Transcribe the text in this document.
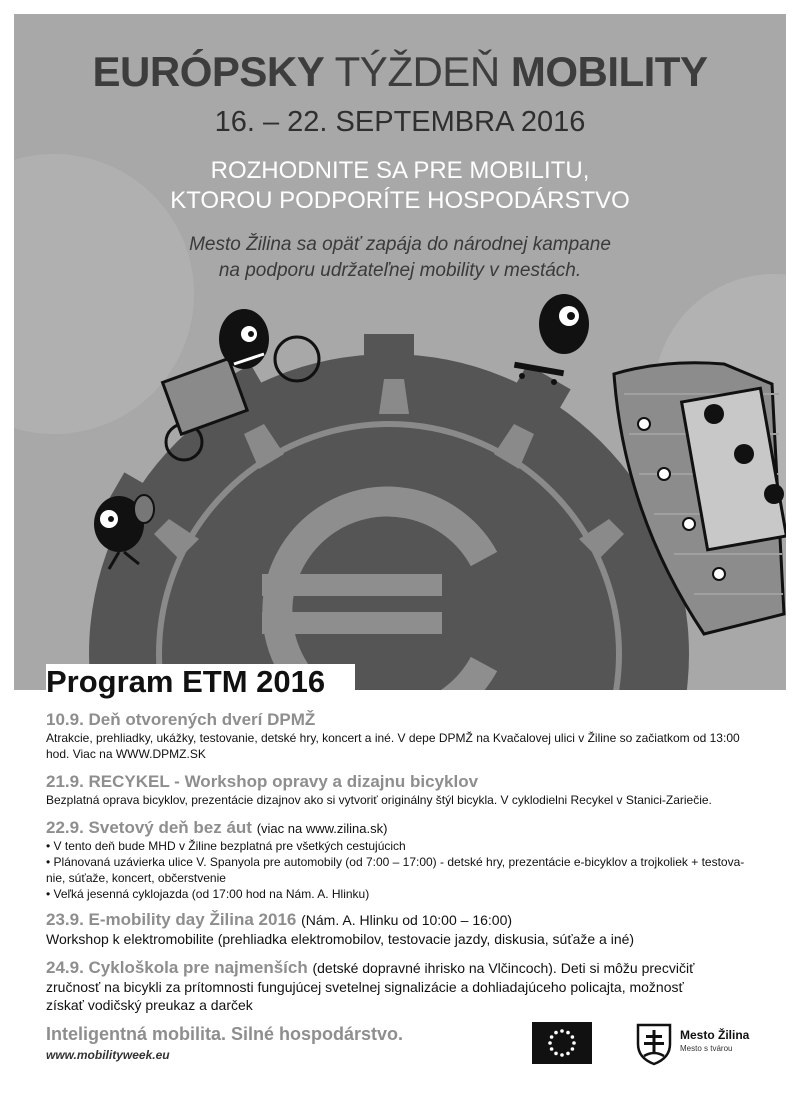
EURÓPSKY TÝŽDEŇ MOBILITY
16. – 22. SEPTEMBRA 2016
ROZHODNITE SA PRE MOBILITU,
KTOROU PODPORÍTE HOSPODÁRSTVO
Mesto Žilina sa opäť zapája do národnej kampane
na podporu udržateľnej mobility v mestách.
Program ETM 2016
10.9. Deň otvorených dverí DPMŽ
Atrakcie, prehliadky, ukážky, testovanie, detské hry, koncert a iné. V depe DPMŽ na Kvačalovej ulici v Žiline so začiatkom od 13:00
hod. Viac na WWW.DPMZ.SK
21.9. RECYKEL - Workshop opravy a dizajnu bicyklov
Bezplatná oprava bicyklov, prezentácie dizajnov ako si vytvoriť originálny štýl bicykla. V cyklodielni Recykel v Stanici-Zariečie.
22.9. Svetový deň bez áut (viac na www.zilina.sk)
• V tento deň bude MHD v Žiline bezplatná pre všetkých cestujúcich
• Plánovaná uzávierka ulice V. Spanyola pre automobily (od 7:00 – 17:00) - detské hry, prezentácie e-bicyklov a trojkoliek + testova-
nie, súťaže, koncert, občerstvenie
• Veľká jesenná cyklojazda (od 17:00 hod na Nám. A. Hlinku)
23.9. E-mobility day Žilina 2016 (Nám. A. Hlinku od 10:00 – 16:00)
Workshop k elektromobilite (prehliadka elektromobilov, testovacie jazdy, diskusia, súťaže a iné)
24.9. Cykloškola pre najmenších (detské dopravné ihrisko na Vlčincoch). Deti si môžu precvičiť
zručnosť na bicykli za prítomnosti fungujúcej svetelnej signalizácie a dohliadajúceho policajta, možnosť
získať vodičský preukaz a darček
Inteligentná mobilita. Silné hospodárstvo.
www.mobilityweek.eu
Mesto Žilina
Mesto s tvárou
